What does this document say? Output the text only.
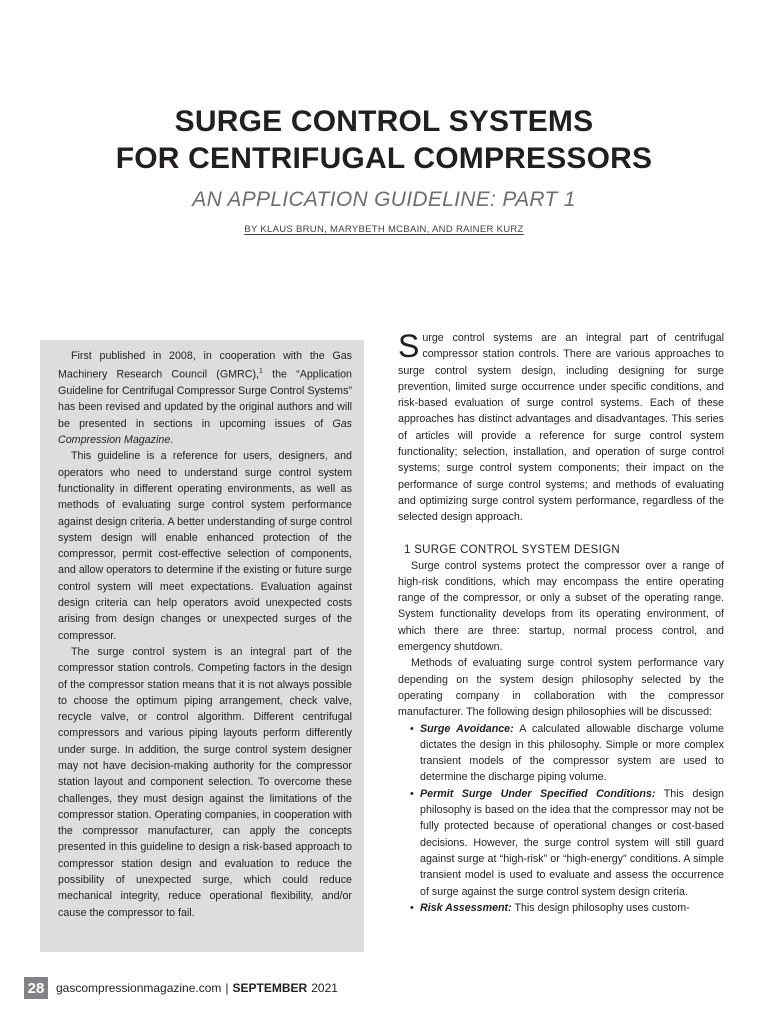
SURGE CONTROL SYSTEMS
FOR CENTRIFUGAL COMPRESSORS
AN APPLICATION GUIDELINE: PART 1
BY KLAUS BRUN, MARYBETH MCBAIN, AND RAINER KURZ

First published in 2008, in cooperation with the Gas Machinery Research Council (GMRC),$^1$ the “Application Guideline for Centrifugal Compressor Surge Control Systems” has been revised and updated by the original authors and will be presented in sections in upcoming issues of Gas Compression Magazine.

This guideline is a reference for users, designers, and operators who need to understand surge control system functionality in different operating environments, as well as methods of evaluating surge control system performance against design criteria. A better understanding of surge control system design will enable enhanced protection of the compressor, permit cost-effective selection of components, and allow operators to determine if the existing or future surge control system will meet expectations. Evaluation against design criteria can help operators avoid unexpected costs arising from design changes or unexpected surges of the compressor.

The surge control system is an integral part of the compressor station controls. Competing factors in the design of the compressor station means that it is not always possible to choose the optimum piping arrangement, check valve, recycle valve, or control algorithm. Different centrifugal compressors and various piping layouts perform differently under surge. In addition, the surge control system designer may not have decision-making authority for the compressor station layout and component selection. To overcome these challenges, they must design against the limitations of the compressor station. Operating companies, in cooperation with the compressor manufacturer, can apply the concepts presented in this guideline to design a risk-based approach to compressor station design and evaluation to reduce the possibility of unexpected surge, which could reduce mechanical integrity, reduce operational flexibility, and/or cause the compressor to fail.

Surge control systems are an integral part of centrifugal compressor station controls. There are various approaches to surge control system design, including designing for surge prevention, limited surge occurrence under specific conditions, and risk-based evaluation of surge control systems. Each of these approaches has distinct advantages and disadvantages. This series of articles will provide a reference for surge control system functionality; selection, installation, and operation of surge control systems; surge control system components; their impact on the performance of surge control systems; and methods of evaluating and optimizing surge control system performance, regardless of the selected design approach.

1 SURGE CONTROL SYSTEM DESIGN

Surge control systems protect the compressor over a range of high-risk conditions, which may encompass the entire operating range of the compressor, or only a subset of the operating range. System functionality develops from its operating environment, of which there are three: startup, normal process control, and emergency shutdown.

Methods of evaluating surge control system performance vary depending on the system design philosophy selected by the operating company in collaboration with the compressor manufacturer. The following design philosophies will be discussed:

• Surge Avoidance: A calculated allowable discharge volume dictates the design in this philosophy. Simple or more complex transient models of the compressor system are used to determine the discharge piping volume.
• Permit Surge Under Specified Conditions: This design philosophy is based on the idea that the compressor may not be fully protected because of operational changes or cost-based decisions. However, the surge control system will still guard against surge at “high-risk” or “high-energy” conditions. A simple transient model is used to evaluate and assess the occurrence of surge against the surge control system design criteria.
• Risk Assessment: This design philosophy uses custom-
28 gascompressionmagazine.com | SEPTEMBER 2021
